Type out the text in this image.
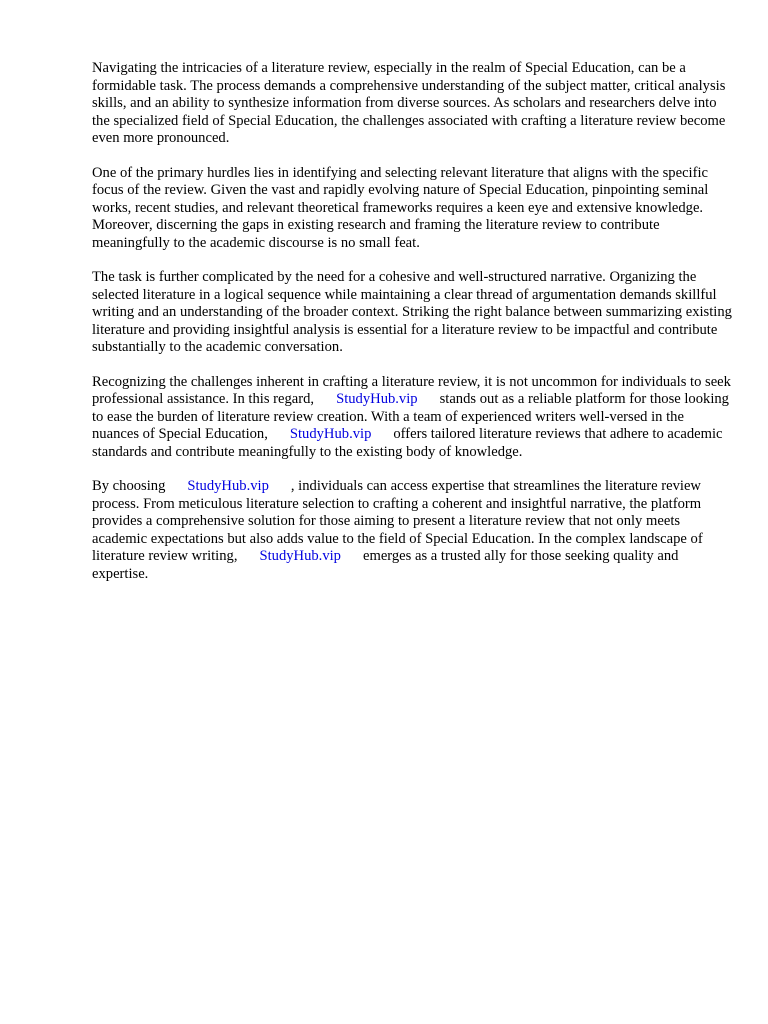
Navigating the intricacies of a literature review, especially in the realm of Special Education, can be a formidable task. The process demands a comprehensive understanding of the subject matter, critical analysis skills, and an ability to synthesize information from diverse sources. As scholars and researchers delve into the specialized field of Special Education, the challenges associated with crafting a literature review become even more pronounced.

One of the primary hurdles lies in identifying and selecting relevant literature that aligns with the specific focus of the review. Given the vast and rapidly evolving nature of Special Education, pinpointing seminal works, recent studies, and relevant theoretical frameworks requires a keen eye and extensive knowledge. Moreover, discerning the gaps in existing research and framing the literature review to contribute meaningfully to the academic discourse is no small feat.

The task is further complicated by the need for a cohesive and well-structured narrative. Organizing the selected literature in a logical sequence while maintaining a clear thread of argumentation demands skillful writing and an understanding of the broader context. Striking the right balance between summarizing existing literature and providing insightful analysis is essential for a literature review to be impactful and contribute substantially to the academic conversation.

Recognizing the challenges inherent in crafting a literature review, it is not uncommon for individuals to seek professional assistance. In this regard, StudyHub.vip stands out as a reliable platform for those looking to ease the burden of literature review creation. With a team of experienced writers well-versed in the nuances of Special Education, StudyHub.vip offers tailored literature reviews that adhere to academic standards and contribute meaningfully to the existing body of knowledge.

By choosing StudyHub.vip , individuals can access expertise that streamlines the literature review process. From meticulous literature selection to crafting a coherent and insightful narrative, the platform provides a comprehensive solution for those aiming to present a literature review that not only meets academic expectations but also adds value to the field of Special Education. In the complex landscape of literature review writing, StudyHub.vip emerges as a trusted ally for those seeking quality and expertise.
